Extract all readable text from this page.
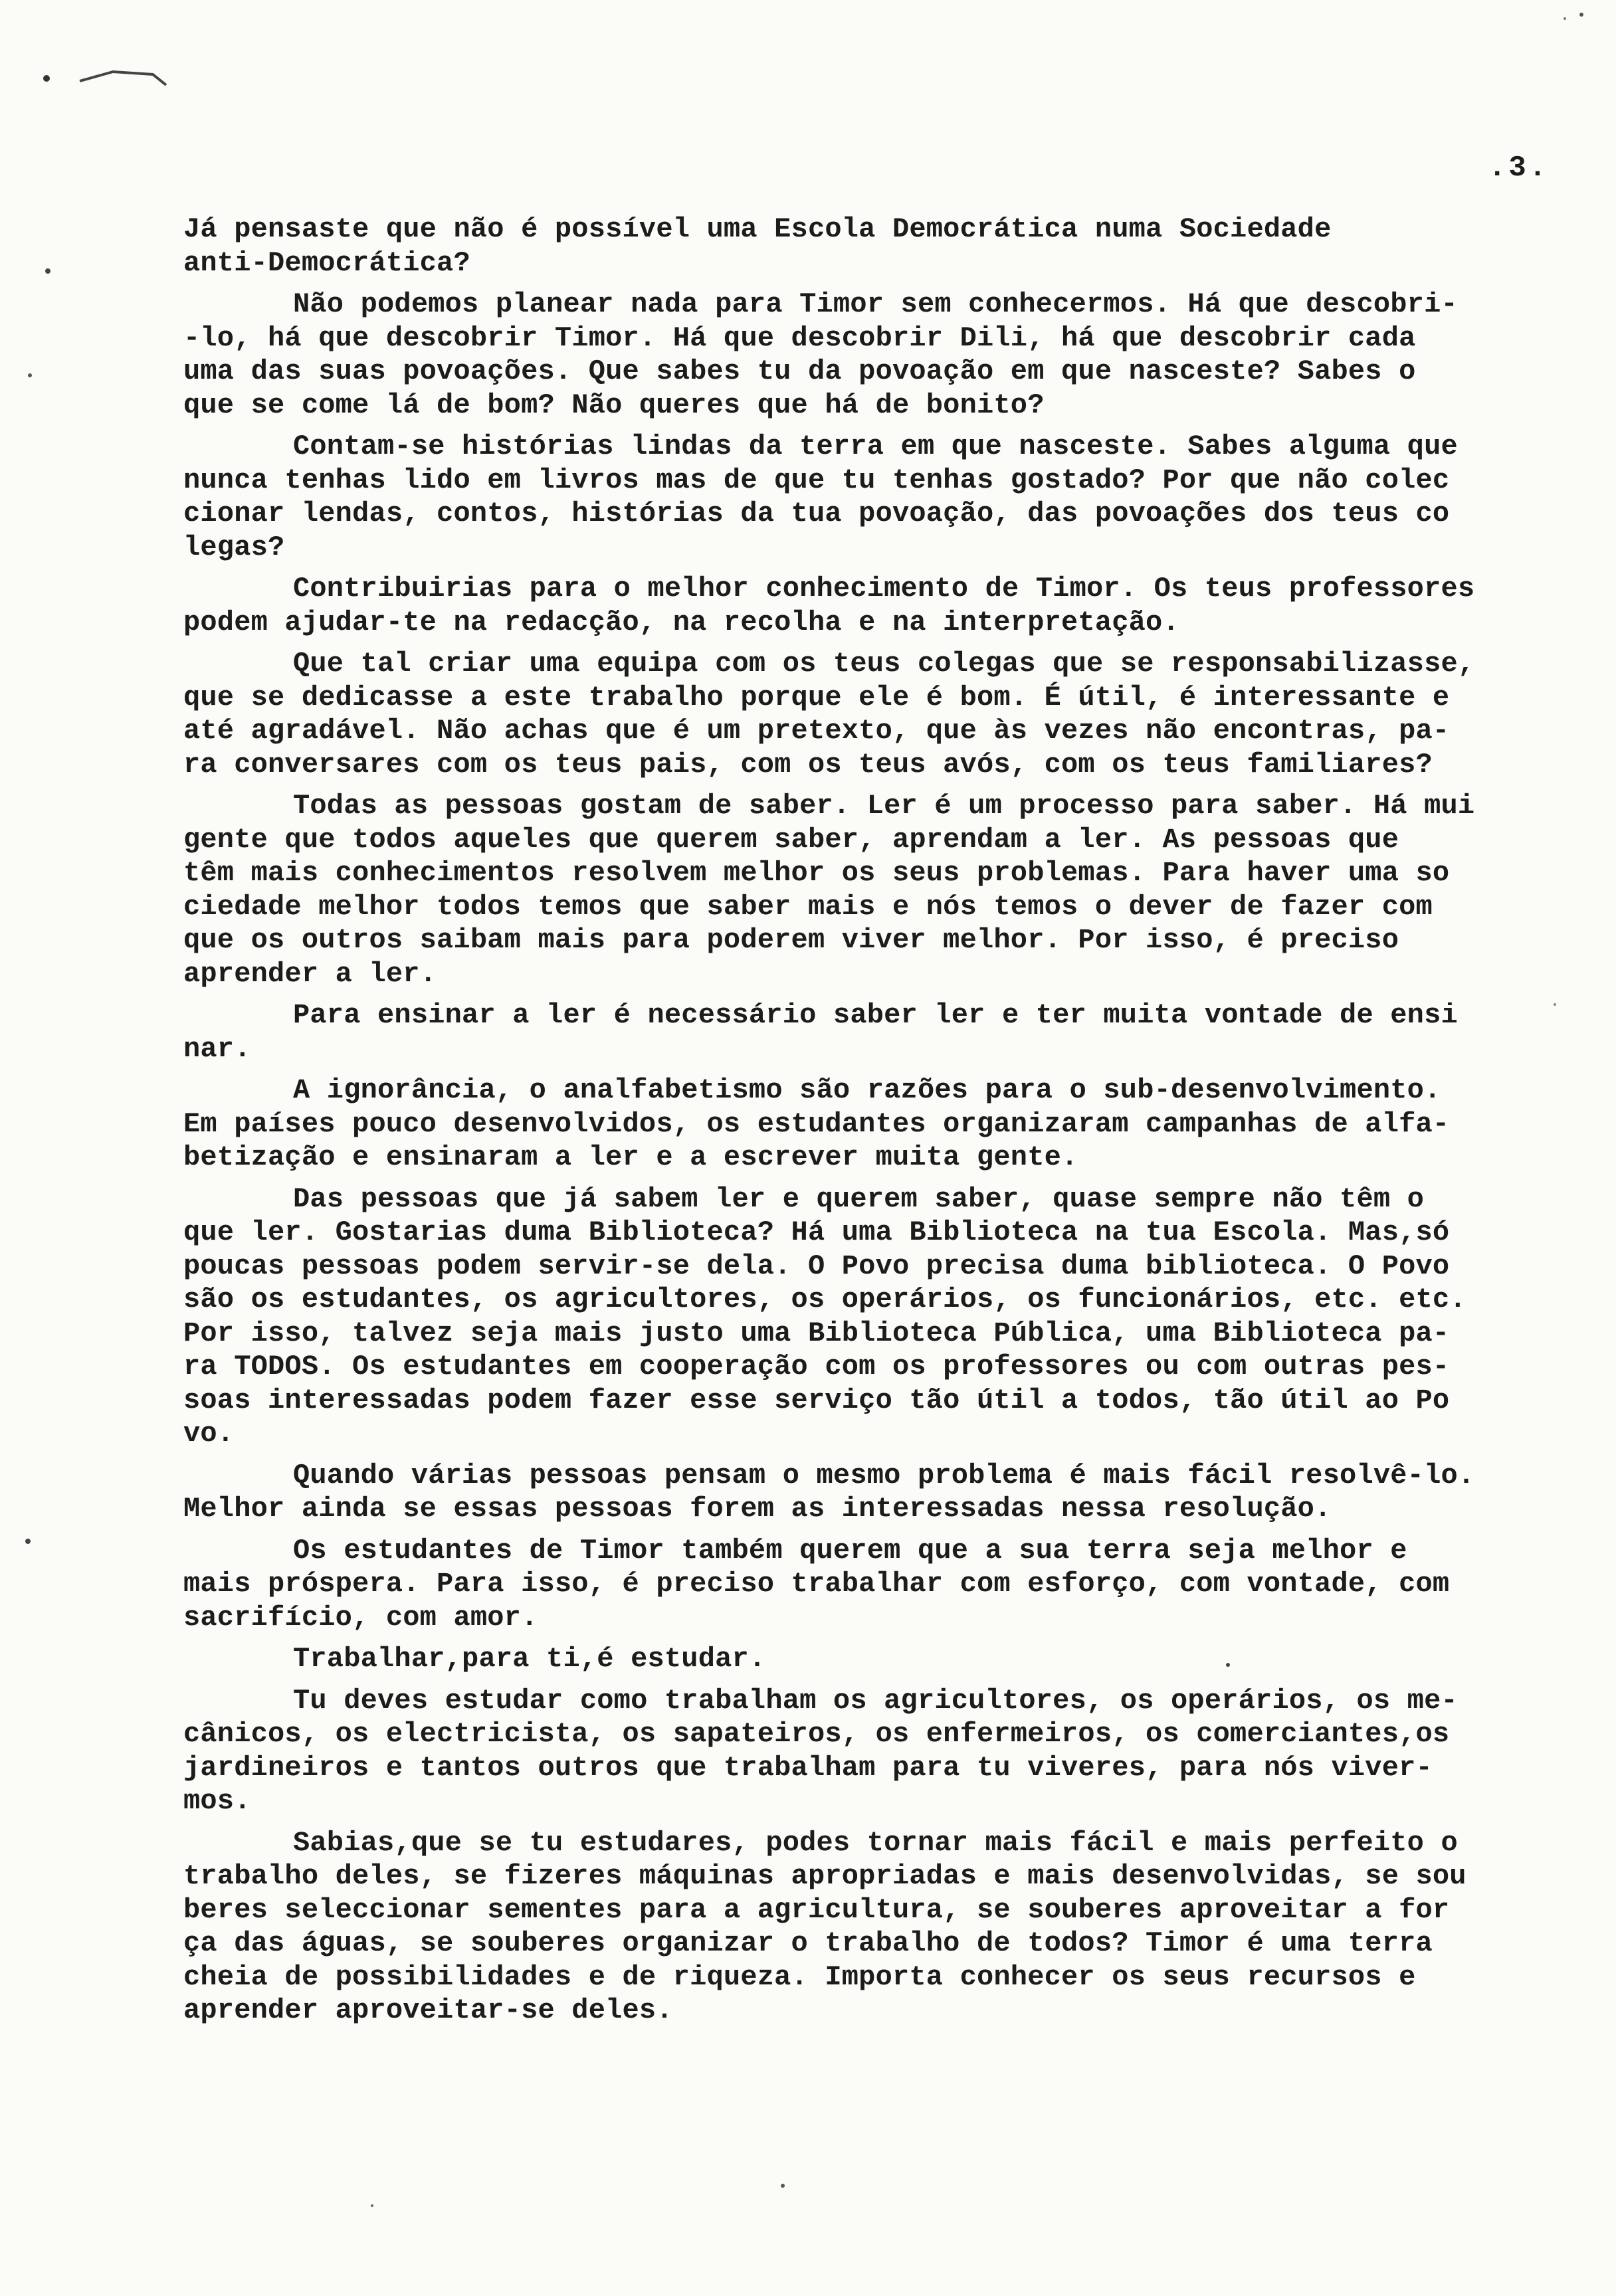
.3.
Já pensaste que não é possível uma Escola Democrática numa Sociedade
anti-Democrática?
Não podemos planear nada para Timor sem conhecermos. Há que descobri-
-lo, há que descobrir Timor. Há que descobrir Dili, há que descobrir cada
uma das suas povoações. Que sabes tu da povoação em que nasceste? Sabes o
que se come lá de bom? Não queres que há de bonito?
Contam-se histórias lindas da terra em que nasceste. Sabes alguma que
nunca tenhas lido em livros mas de que tu tenhas gostado? Por que não colec
cionar lendas, contos, histórias da tua povoação, das povoações dos teus co
legas?
Contribuirias para o melhor conhecimento de Timor. Os teus professores
podem ajudar-te na redacção, na recolha e na interpretação.
Que tal criar uma equipa com os teus colegas que se responsabilizasse,
que se dedicasse a este trabalho porque ele é bom. É útil, é interessante e
até agradável. Não achas que é um pretexto, que às vezes não encontras, pa-
ra conversares com os teus pais, com os teus avós, com os teus familiares?
Todas as pessoas gostam de saber. Ler é um processo para saber. Há mui
gente que todos aqueles que querem saber, aprendam a ler. As pessoas que
têm mais conhecimentos resolvem melhor os seus problemas. Para haver uma so
ciedade melhor todos temos que saber mais e nós temos o dever de fazer com
que os outros saibam mais para poderem viver melhor. Por isso, é preciso
aprender a ler.
Para ensinar a ler é necessário saber ler e ter muita vontade de ensi
nar.
A ignorância, o analfabetismo são razões para o sub-desenvolvimento.
Em países pouco desenvolvidos, os estudantes organizaram campanhas de alfa-
betização e ensinaram a ler e a escrever muita gente.
Das pessoas que já sabem ler e querem saber, quase sempre não têm o
que ler. Gostarias duma Biblioteca? Há uma Biblioteca na tua Escola. Mas,só
poucas pessoas podem servir-se dela. O Povo precisa duma biblioteca. O Povo
são os estudantes, os agricultores, os operários, os funcionários, etc. etc.
Por isso, talvez seja mais justo uma Biblioteca Pública, uma Biblioteca pa-
ra TODOS. Os estudantes em cooperação com os professores ou com outras pes-
soas interessadas podem fazer esse serviço tão útil a todos, tão útil ao Po
vo.
Quando várias pessoas pensam o mesmo problema é mais fácil resolvê-lo.
Melhor ainda se essas pessoas forem as interessadas nessa resolução.
Os estudantes de Timor também querem que a sua terra seja melhor e
mais próspera. Para isso, é preciso trabalhar com esforço, com vontade, com
sacrifício, com amor.
Trabalhar,para ti,é estudar.
Tu deves estudar como trabalham os agricultores, os operários, os me-
cânicos, os electricista, os sapateiros, os enfermeiros, os comerciantes,os
jardineiros e tantos outros que trabalham para tu viveres, para nós viver-
mos.
Sabias,que se tu estudares, podes tornar mais fácil e mais perfeito o
trabalho deles, se fizeres máquinas apropriadas e mais desenvolvidas, se sou
beres seleccionar sementes para a agricultura, se souberes aproveitar a for
ça das águas, se souberes organizar o trabalho de todos? Timor é uma terra
cheia de possibilidades e de riqueza. Importa conhecer os seus recursos e
aprender aproveitar-se deles.
